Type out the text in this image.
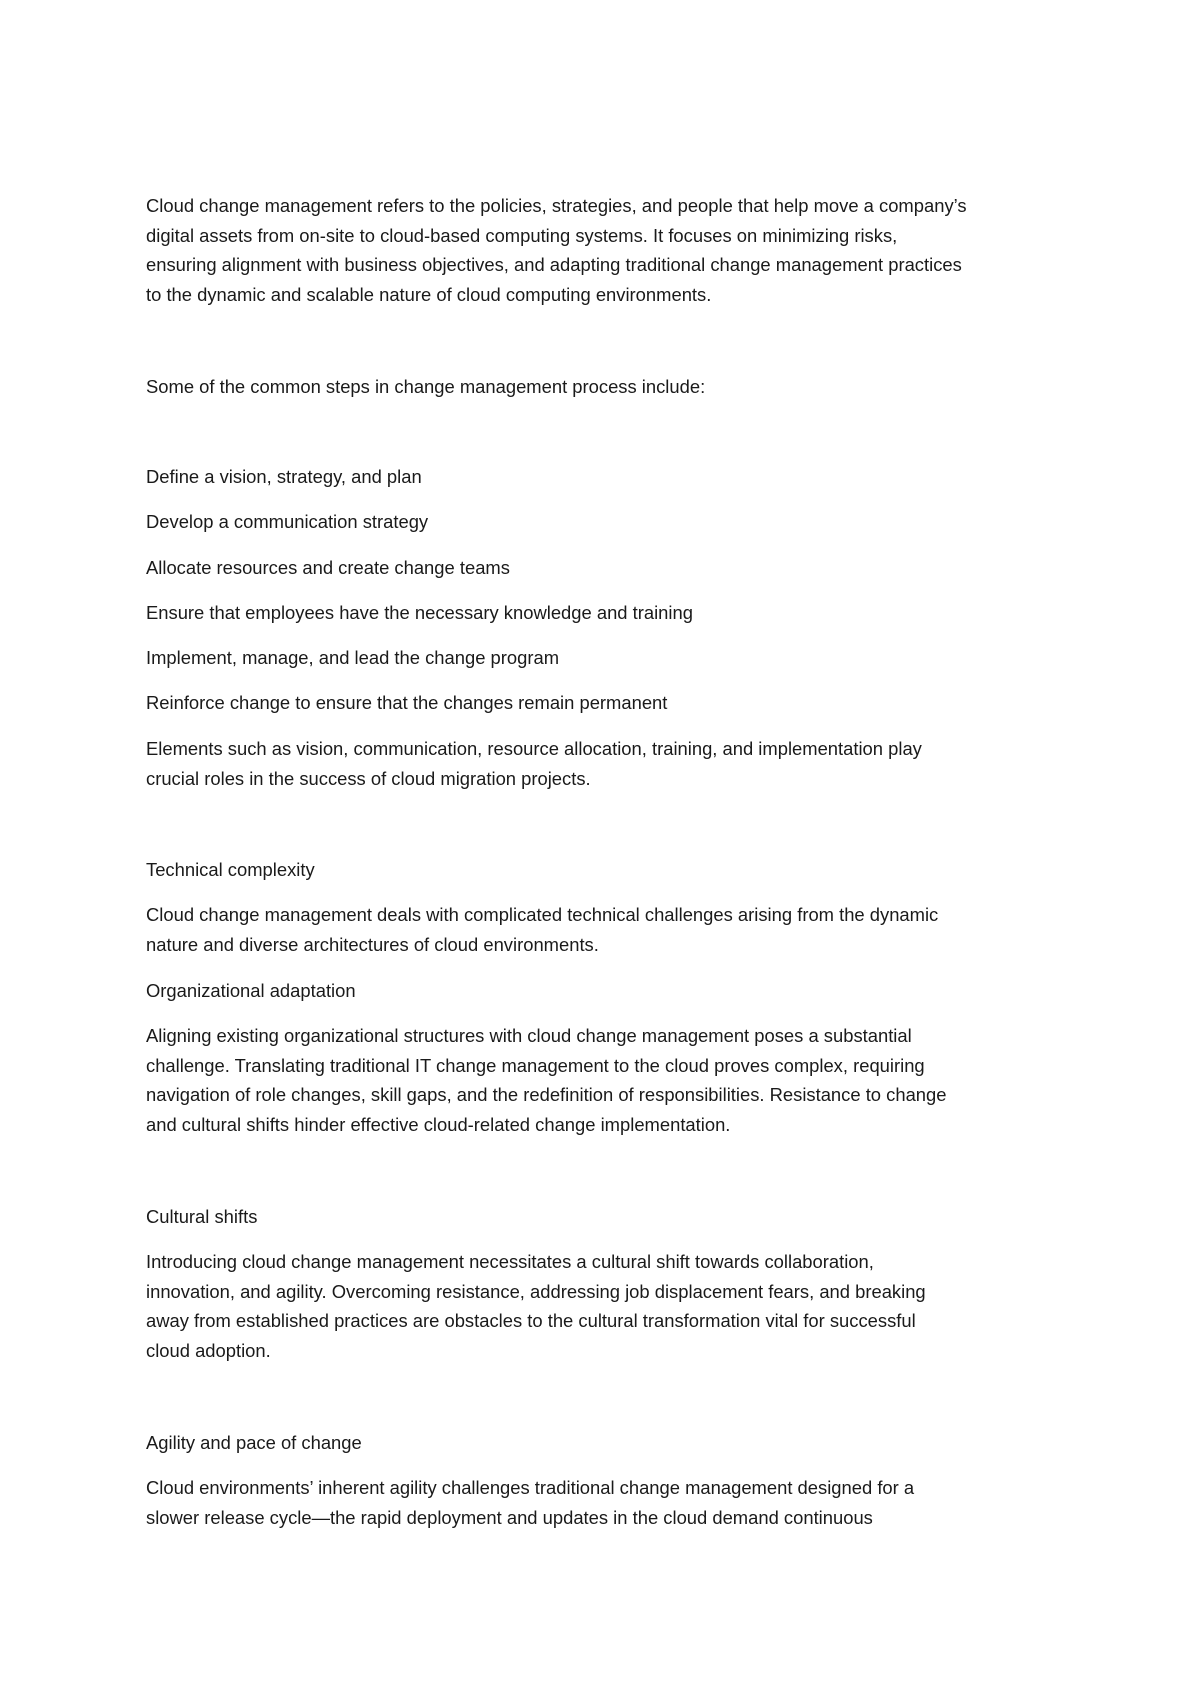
Cloud change management refers to the policies, strategies, and people that help move a company’s
digital assets from on-site to cloud-based computing systems. It focuses on minimizing risks,
ensuring alignment with business objectives, and adapting traditional change management practices
to the dynamic and scalable nature of cloud computing environments.
Some of the common steps in change management process include:
Define a vision, strategy, and plan
Develop a communication strategy
Allocate resources and create change teams
Ensure that employees have the necessary knowledge and training
Implement, manage, and lead the change program
Reinforce change to ensure that the changes remain permanent
Elements such as vision, communication, resource allocation, training, and implementation play
crucial roles in the success of cloud migration projects.
Technical complexity
Cloud change management deals with complicated technical challenges arising from the dynamic
nature and diverse architectures of cloud environments.
Organizational adaptation
Aligning existing organizational structures with cloud change management poses a substantial
challenge. Translating traditional IT change management to the cloud proves complex, requiring
navigation of role changes, skill gaps, and the redefinition of responsibilities. Resistance to change
and cultural shifts hinder effective cloud-related change implementation.
Cultural shifts
Introducing cloud change management necessitates a cultural shift towards collaboration,
innovation, and agility. Overcoming resistance, addressing job displacement fears, and breaking
away from established practices are obstacles to the cultural transformation vital for successful
cloud adoption.
Agility and pace of change
Cloud environments’ inherent agility challenges traditional change management designed for a
slower release cycle—the rapid deployment and updates in the cloud demand continuous
